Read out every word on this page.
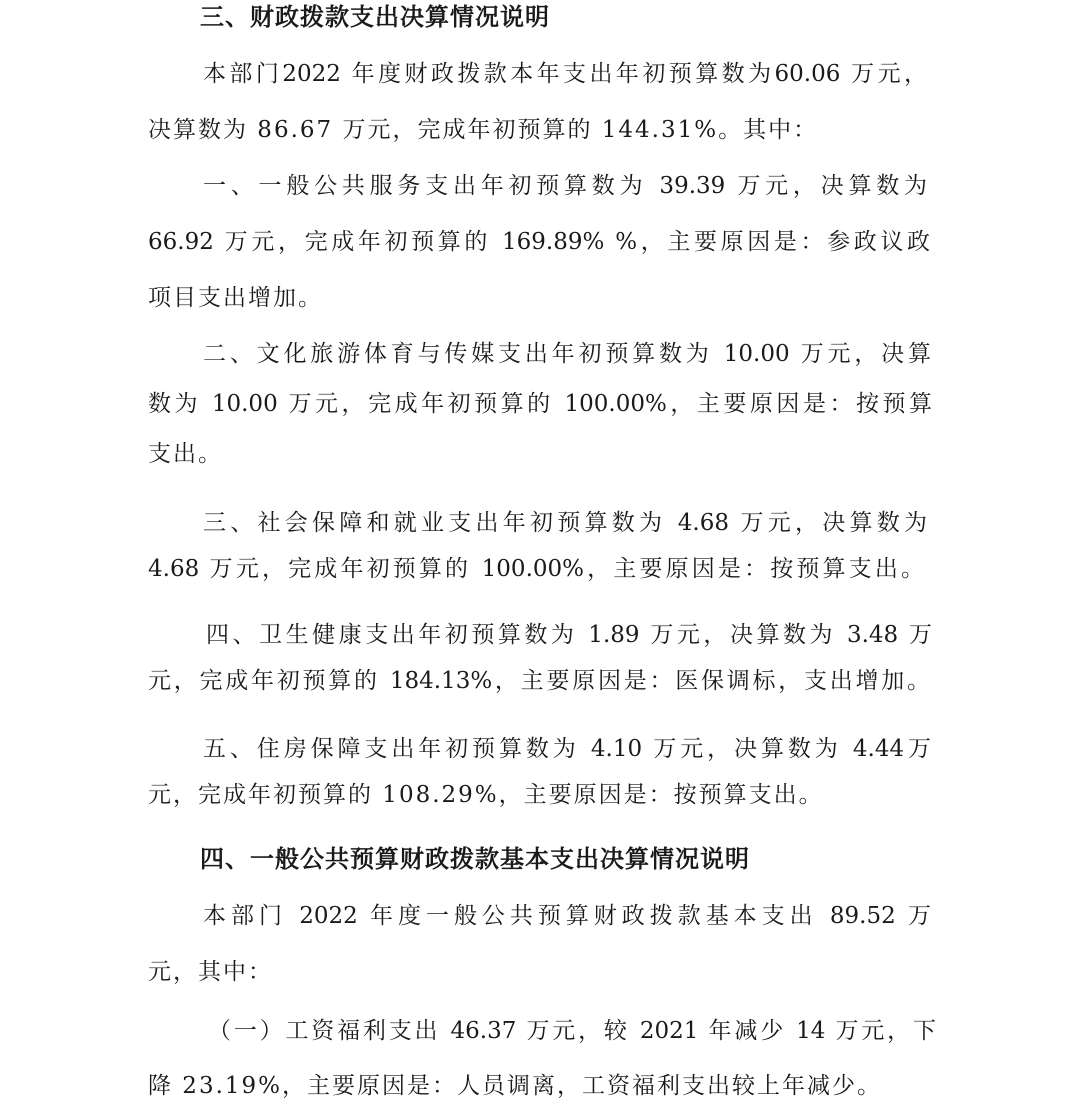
三、财政拨款支出决算情况说明
本部门2022 年度财政拨款本年支出年初预算数为60.06 万元，
决算数为 86.67 万元，完成年初预算的 144.31%。其中：
一、一般公共服务支出年初预算数为 39.39 万元，决算数为
66.92 万元，完成年初预算的 169.89% %，主要原因是：参政议政
项目支出增加。
二、文化旅游体育与传媒支出年初预算数为 10.00 万元，决算
数为 10.00 万元，完成年初预算的 100.00%，主要原因是：按预算
支出。
三、社会保障和就业支出年初预算数为 4.68 万元，决算数为
4.68 万元，完成年初预算的 100.00%，主要原因是：按预算支出。
四、卫生健康支出年初预算数为 1.89 万元，决算数为 3.48 万
元，完成年初预算的 184.13%，主要原因是：医保调标，支出增加。
五、住房保障支出年初预算数为 4.10 万元，决算数为 4.44万
元，完成年初预算的 108.29%，主要原因是：按预算支出。
四、一般公共预算财政拨款基本支出决算情况说明
本部门 2022 年度一般公共预算财政拨款基本支出 89.52 万
元，其中：
（一）工资福利支出 46.37 万元，较 2021 年减少 14 万元，下
降 23.19%，主要原因是：人员调离，工资福利支出较上年减少。
